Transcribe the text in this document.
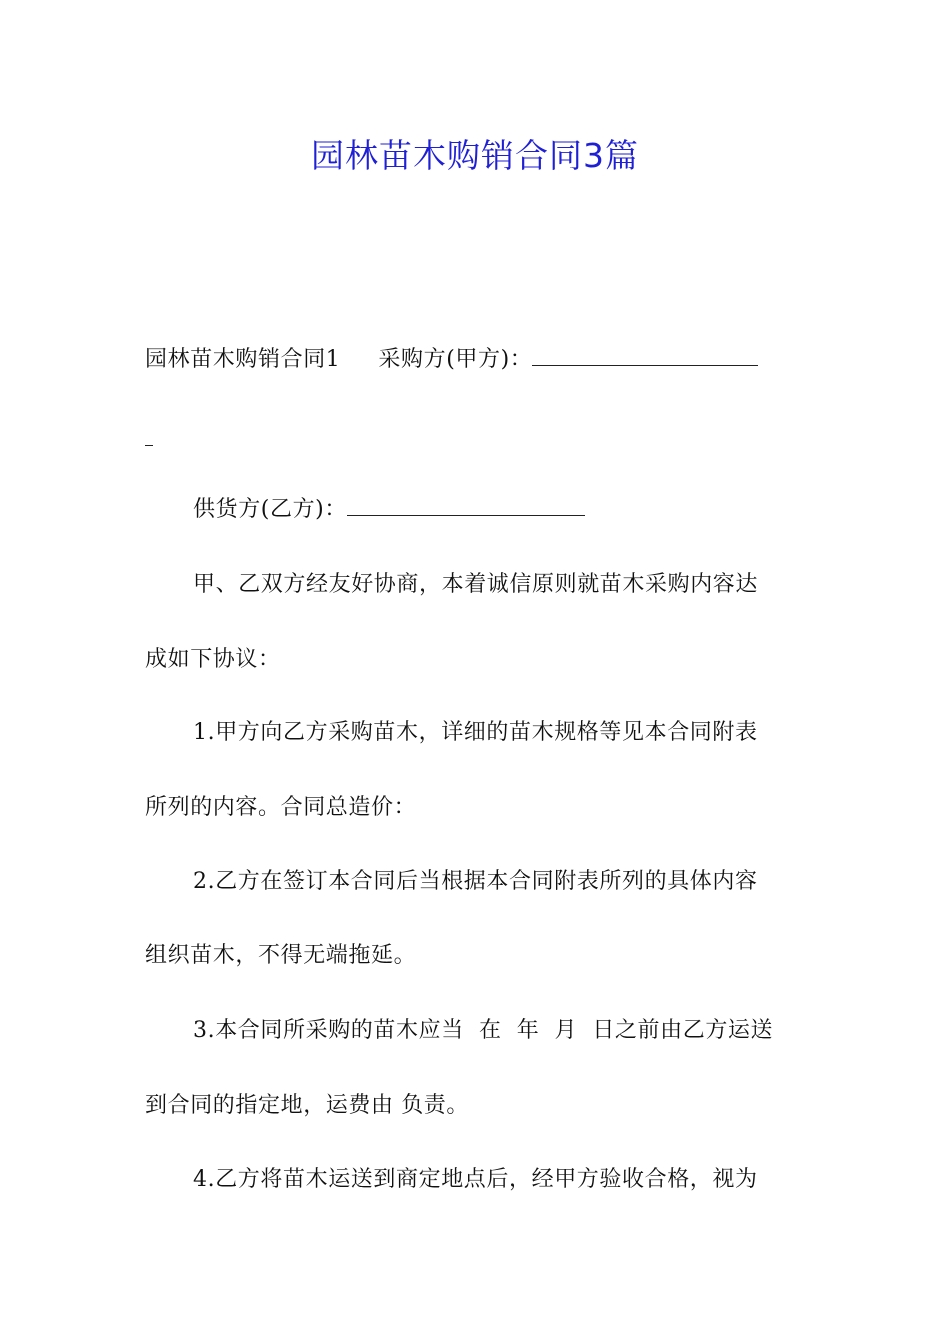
园林苗木购销合同3篇
园林苗木购销合同1 采购方(甲方)：
供货方(乙方)：
甲、乙双方经友好协商，本着诚信原则就苗木采购内容达
成如下协议：
1.甲方向乙方采购苗木，详细的苗木规格等见本合同附表
所列的内容。合同总造价：
2.乙方在签订本合同后当根据本合同附表所列的具体内容
组织苗木，不得无端拖延。
3.本合同所采购的苗木应当  在  年  月  日之前由乙方运送
到合同的指定地，运费由 负责。
4.乙方将苗木运送到商定地点后，经甲方验收合格，视为
